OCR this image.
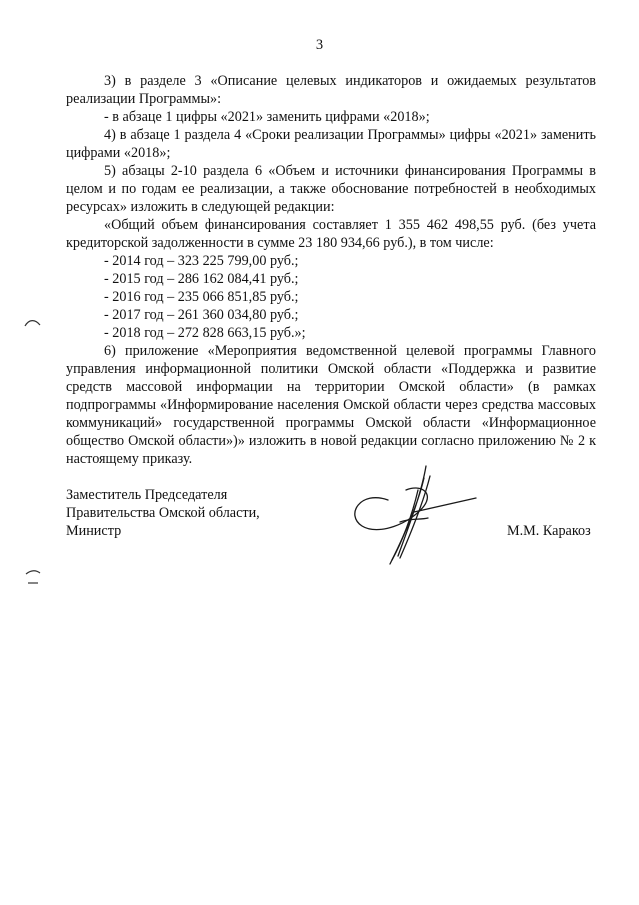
3

3) в разделе 3 «Описание целевых индикаторов и ожидаемых результатов реализации Программы»:

- в абзаце 1 цифры «2021» заменить цифрами «2018»;

4) в абзаце 1 раздела 4 «Сроки реализации Программы» цифры «2021» заменить цифрами «2018»;

5) абзацы 2-10 раздела 6 «Объем и источники финансирования Программы в целом и по годам ее реализации, а также обоснование потребностей в необходимых ресурсах» изложить в следующей редакции:

«Общий объем финансирования составляет 1 355 462 498,55 руб. (без учета кредиторской задолженности в сумме 23 180 934,66 руб.), в том числе:

- 2014 год – 323 225 799,00 руб.;

- 2015 год – 286 162 084,41 руб.;

- 2016 год – 235 066 851,85 руб.;

- 2017 год – 261 360 034,80 руб.;

- 2018 год – 272 828 663,15 руб.»;

6) приложение «Мероприятия ведомственной целевой программы Главного управления информационной политики Омской области «Поддержка и развитие средств массовой информации на территории Омской области» (в рамках подпрограммы «Информирование населения Омской области через средства массовых коммуникаций» государственной программы Омской области «Информационное общество Омской области»)» изложить в новой редакции согласно приложению № 2 к настоящему приказу.

Заместитель Председателя
Правительства Омской области,
Министр	М.М. Каракоз
